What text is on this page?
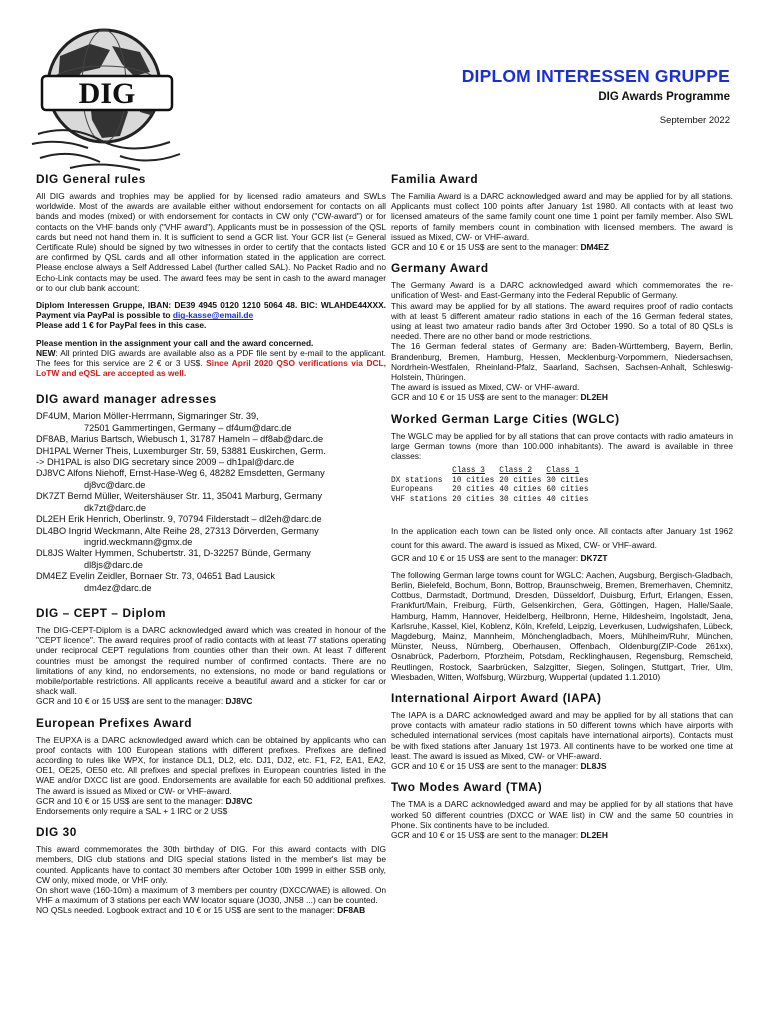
DIG
DIPLOM INTERESSEN GRUPPE
DIG Awards Programme
September 2022
DIG General rules

All DIG awards and trophies may be applied for by licensed radio amateurs and SWLs worldwide. Most of the awards are available either without endorsement for contacts on all bands and modes (mixed) or with endorsement for contacts in CW only ("CW-award") or for contacts on the VHF bands only ("VHF award"). Applicants must be in possession of the QSL cards but need not hand them in. It is sufficient to send a GCR list. Your GCR list (= General Certificate Rule) should be signed by two witnesses in order to certify that the contacts listed are confirmed by QSL cards and all other information stated in the application are correct. Please enclose always a Self Addressed Label (further called SAL). No Packet Radio and no Echo-Link contacts may be used. The award fees may be sent in cash to the award manager or to our club bank account:

Diplom Interessen Gruppe, IBAN: DE39 4945 0120 1210 5064 48. BIC: WLAHDE44XXX. Payment via PayPal is possible to dig-kasse@email.de

Please add 1 € for PayPal fees in this case.

Please mention in the assignment your call and the award concerned.

NEW: All printed DIG awards are available also as a PDF file sent by e-mail to the applicant. The fees for this service are 2 € or 3 US$. Since April 2020 QSO verifications via DCL, LoTW and eQSL are accepted as well.

DIG award manager adresses
DF4UM, Marion Möller-Herrmann, Sigmaringer Str. 39,
72501 Gammertingen, Germany – df4um@darc.de
DF8AB, Marius Bartsch, Wiebusch 1, 31787 Hameln – df8ab@darc.de
DH1PAL Werner Theis, Luxemburger Str. 59, 53881 Euskirchen, Germ.
-> DH1PAL is also DIG secretary since 2009 – dh1pal@darc.de
DJ8VC Alfons Niehoff, Ernst-Hase-Weg 6, 48282 Emsdetten, Germany
dj8vc@darc.de
DK7ZT Bernd Müller, Weitershäuser Str. 11, 35041 Marburg, Germany
dk7zt@darc.de
DL2EH Erik Henrich, Oberlinstr. 9, 70794 Filderstadt – dl2eh@darc.de
DL4BO Ingrid Weckmann, Alte Reihe 28, 27313 Dörverden, Germany
ingrid.weckmann@gmx.de
DL8JS Walter Hymmen, Schubertstr. 31, D-32257 Bünde, Germany
dl8js@darc.de
DM4EZ Evelin Zeidler, Bornaer Str. 73, 04651 Bad Lausick
dm4ez@darc.de
DIG – CEPT – Diplom

The DIG-CEPT-Diplom is a DARC acknowledged award which was created in honour of the "CEPT licence". The award requires proof of radio contacts with at least 77 stations operating under reciprocal CEPT regulations from counties other than their own. At least 7 different countries must be amongst the required number of confirmed contacts. There are no limitations of any kind, no endorsements, no extensions, no mode or band regulations or mobile/portable restrictions. All applicants receive a beautiful award and a sticker for car or shack wall.

GCR and 10 € or 15 US$ are sent to the manager: DJ8VC

European Prefixes Award

The EUPXA is a DARC acknowledged award which can be obtained by applicants who can proof contacts with 100 European stations with different prefixes. Prefixes are defined according to rules like WPX, for instance DL1, DL2, etc. DJ1, DJ2, etc. F1, F2, EA1, EA2, OE1, OE25, OE50 etc. All prefixes and special prefixes in European countries listed in the WAE and/or DXCC list are good. Endorsements are available for each 50 additional prefixes. The award is issued as Mixed or CW- or VHF-award.

GCR and 10 € or 15 US$ are sent to the manager: DJ8VC

Endorsements only require a SAL + 1 IRC or 2 US$

DIG 30

This award commemorates the 30th birthday of DIG. For this award contacts with DIG members, DIG club stations and DIG special stations listed in the member's list may be counted. Applicants have to contact 30 members after October 10th 1999 in either SSB only, CW only, mixed mode, or VHF only.

On short wave (160-10m) a maximum of 3 members per country (DXCC/WAE) is allowed. On VHF a maximum of 3 stations per each WW locator square (JO30, JN58 ...) can be counted.

NO QSLs needed. Logbook extract and 10 € or 15 US$ are sent to the manager: DF8AB

Familia Award

The Familia Award is a DARC acknowledged award and may be applied for by all stations. Applicants must collect 100 points after January 1st 1980. All contacts with at least two licensed amateurs of the same family count one time 1 point per family member. Also SWL reports of family members count in combination with licensed members. The award is issued as Mixed, CW- or VHF-award.

GCR and 10 € or 15 US$ are sent to the manager: DM4EZ

Germany Award

The Germany Award is a DARC acknowledged award which commemorates the re-unification of West- and East-Germany into the Federal Republic of Germany.

This award may be applied for by all stations. The award requires proof of radio contacts with at least 5 different amateur radio stations in each of the 16 German federal states, using at least two amateur radio bands after 3rd October 1990. So a total of 80 QSLs is needed. There are no other band or mode restrictions.

The 16 German federal states of Germany are: Baden-Württemberg, Bayern, Berlin, Brandenburg, Bremen, Hamburg, Hessen, Mecklenburg-Vorpommern, Niedersachsen, Nordrhein-Westfalen, Rheinland-Pfalz, Saarland, Sachsen, Sachsen-Anhalt, Schleswig-Holstein, Thüringen.

The award is issued as Mixed, CW- or VHF-award.

GCR and 10 € or 15 US$ are sent to the manager: DL2EH

Worked German Large Cities (WGLC)

The WGLC may be applied for by all stations that can prove contacts with radio amateurs in large German towns (more than 100.000 inhabitants). The award is available in three classes:

	Class 3	Class 2	Class 1
DX stations	10 cities	20 cities	30 cities
Europeans	20 cities	40 cities	60 cities
VHF stations	20 cities	30 cities	40 cities

In the application each town can be listed only once. All contacts after January 1st 1962 count for this award. The award is issued as Mixed, CW- or VHF-award.

GCR and 10 € or 15 US$ are sent to the manager: DK7ZT

The following German large towns count for WGLC: Aachen, Augsburg, Bergisch-Gladbach, Berlin, Bielefeld, Bochum, Bonn, Bottrop, Braunschweig, Bremen, Bremerhaven, Chemnitz, Cottbus, Darmstadt, Dortmund, Dresden, Düsseldorf, Duisburg, Erfurt, Erlangen, Essen, Frankfurt/Main, Freiburg, Fürth, Gelsenkirchen, Gera, Göttingen, Hagen, Halle/Saale, Hamburg, Hamm, Hannover, Heidelberg, Heilbronn, Herne, Hildesheim, Ingolstadt, Jena, Karlsruhe, Kassel, Kiel, Koblenz, Köln, Krefeld, Leipzig, Leverkusen, Ludwigshafen, Lübeck, Magdeburg, Mainz, Mannheim, Mönchengladbach, Moers, Mühlheim/Ruhr, München, Münster, Neuss, Nürnberg, Oberhausen, Offenbach, Oldenburg(ZIP-Code 261xx), Osnabrück, Paderborn, Pforzheim, Potsdam, Recklinghausen, Regensburg, Remscheid, Reutlingen, Rostock, Saarbrücken, Salzgitter, Siegen, Solingen, Stuttgart, Trier, Ulm, Wiesbaden, Witten, Wolfsburg, Würzburg, Wuppertal (updated 1.1.2010)

International Airport Award (IAPA)

The IAPA is a DARC acknowledged award and may be applied for by all stations that can prove contacts with amateur radio stations in 50 different towns which have airports with scheduled international services (most capitals have international airports). Contacts must be with fixed stations after January 1st 1973. All continents have to be worked one time at least. The award is issued as Mixed, CW- or VHF-award.

GCR and 10 € or 15 US$ are sent to the manager: DL8JS

Two Modes Award (TMA)

The TMA is a DARC acknowledged award and may be applied for by all stations that have worked 50 different countries (DXCC or WAE list) in CW and the same 50 countries in Phone. Six continents have to be included.

GCR and 10 € or 15 US$ are sent to the manager: DL2EH
